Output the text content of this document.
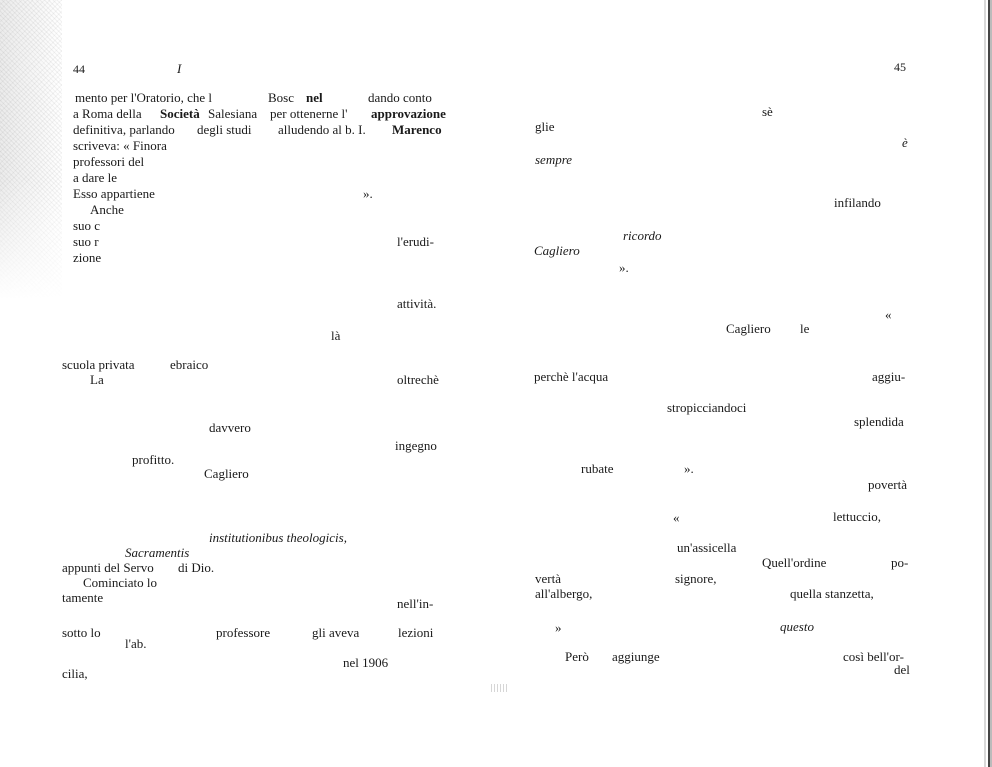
44	I
mento per l'Oratorio, che l	Bosc nel	dando conto
a Roma della Società Salesiana per ottenerne l' approvazione
definitiva, parlando degli studi alludendo al b. I. Marenco
scriveva: « Finora
professori del
a dare le
Esso appartiene	».
Anche
suo c
suo r	l'erudi-
zione
attività.
là
scuola privata	ebraico
La	oltrechè
davvero
ingegno
profitto.
Cagliero
institutionibus theologicis,
Sacramentis
appunti del Servo di Dio.
Cominciato lo
tamente	nell'in-
sotto lo	professore	gli aveva	lezioni
l'ab.
nel 1906
cilia,
45
sè
glie
è
sempre
infilando
ricordo
Cagliero
».
«
Cagliero le
perchè l'acqua	aggiu-
stropicciandoci
splendida
rubate	».
povertà
«	lettuccio,
un'assicella
Quell'ordine	po-
vertà	signore,
all'albergo,	quella stanzetta,
»	questo
Però aggiunge	così bell'or-
del
